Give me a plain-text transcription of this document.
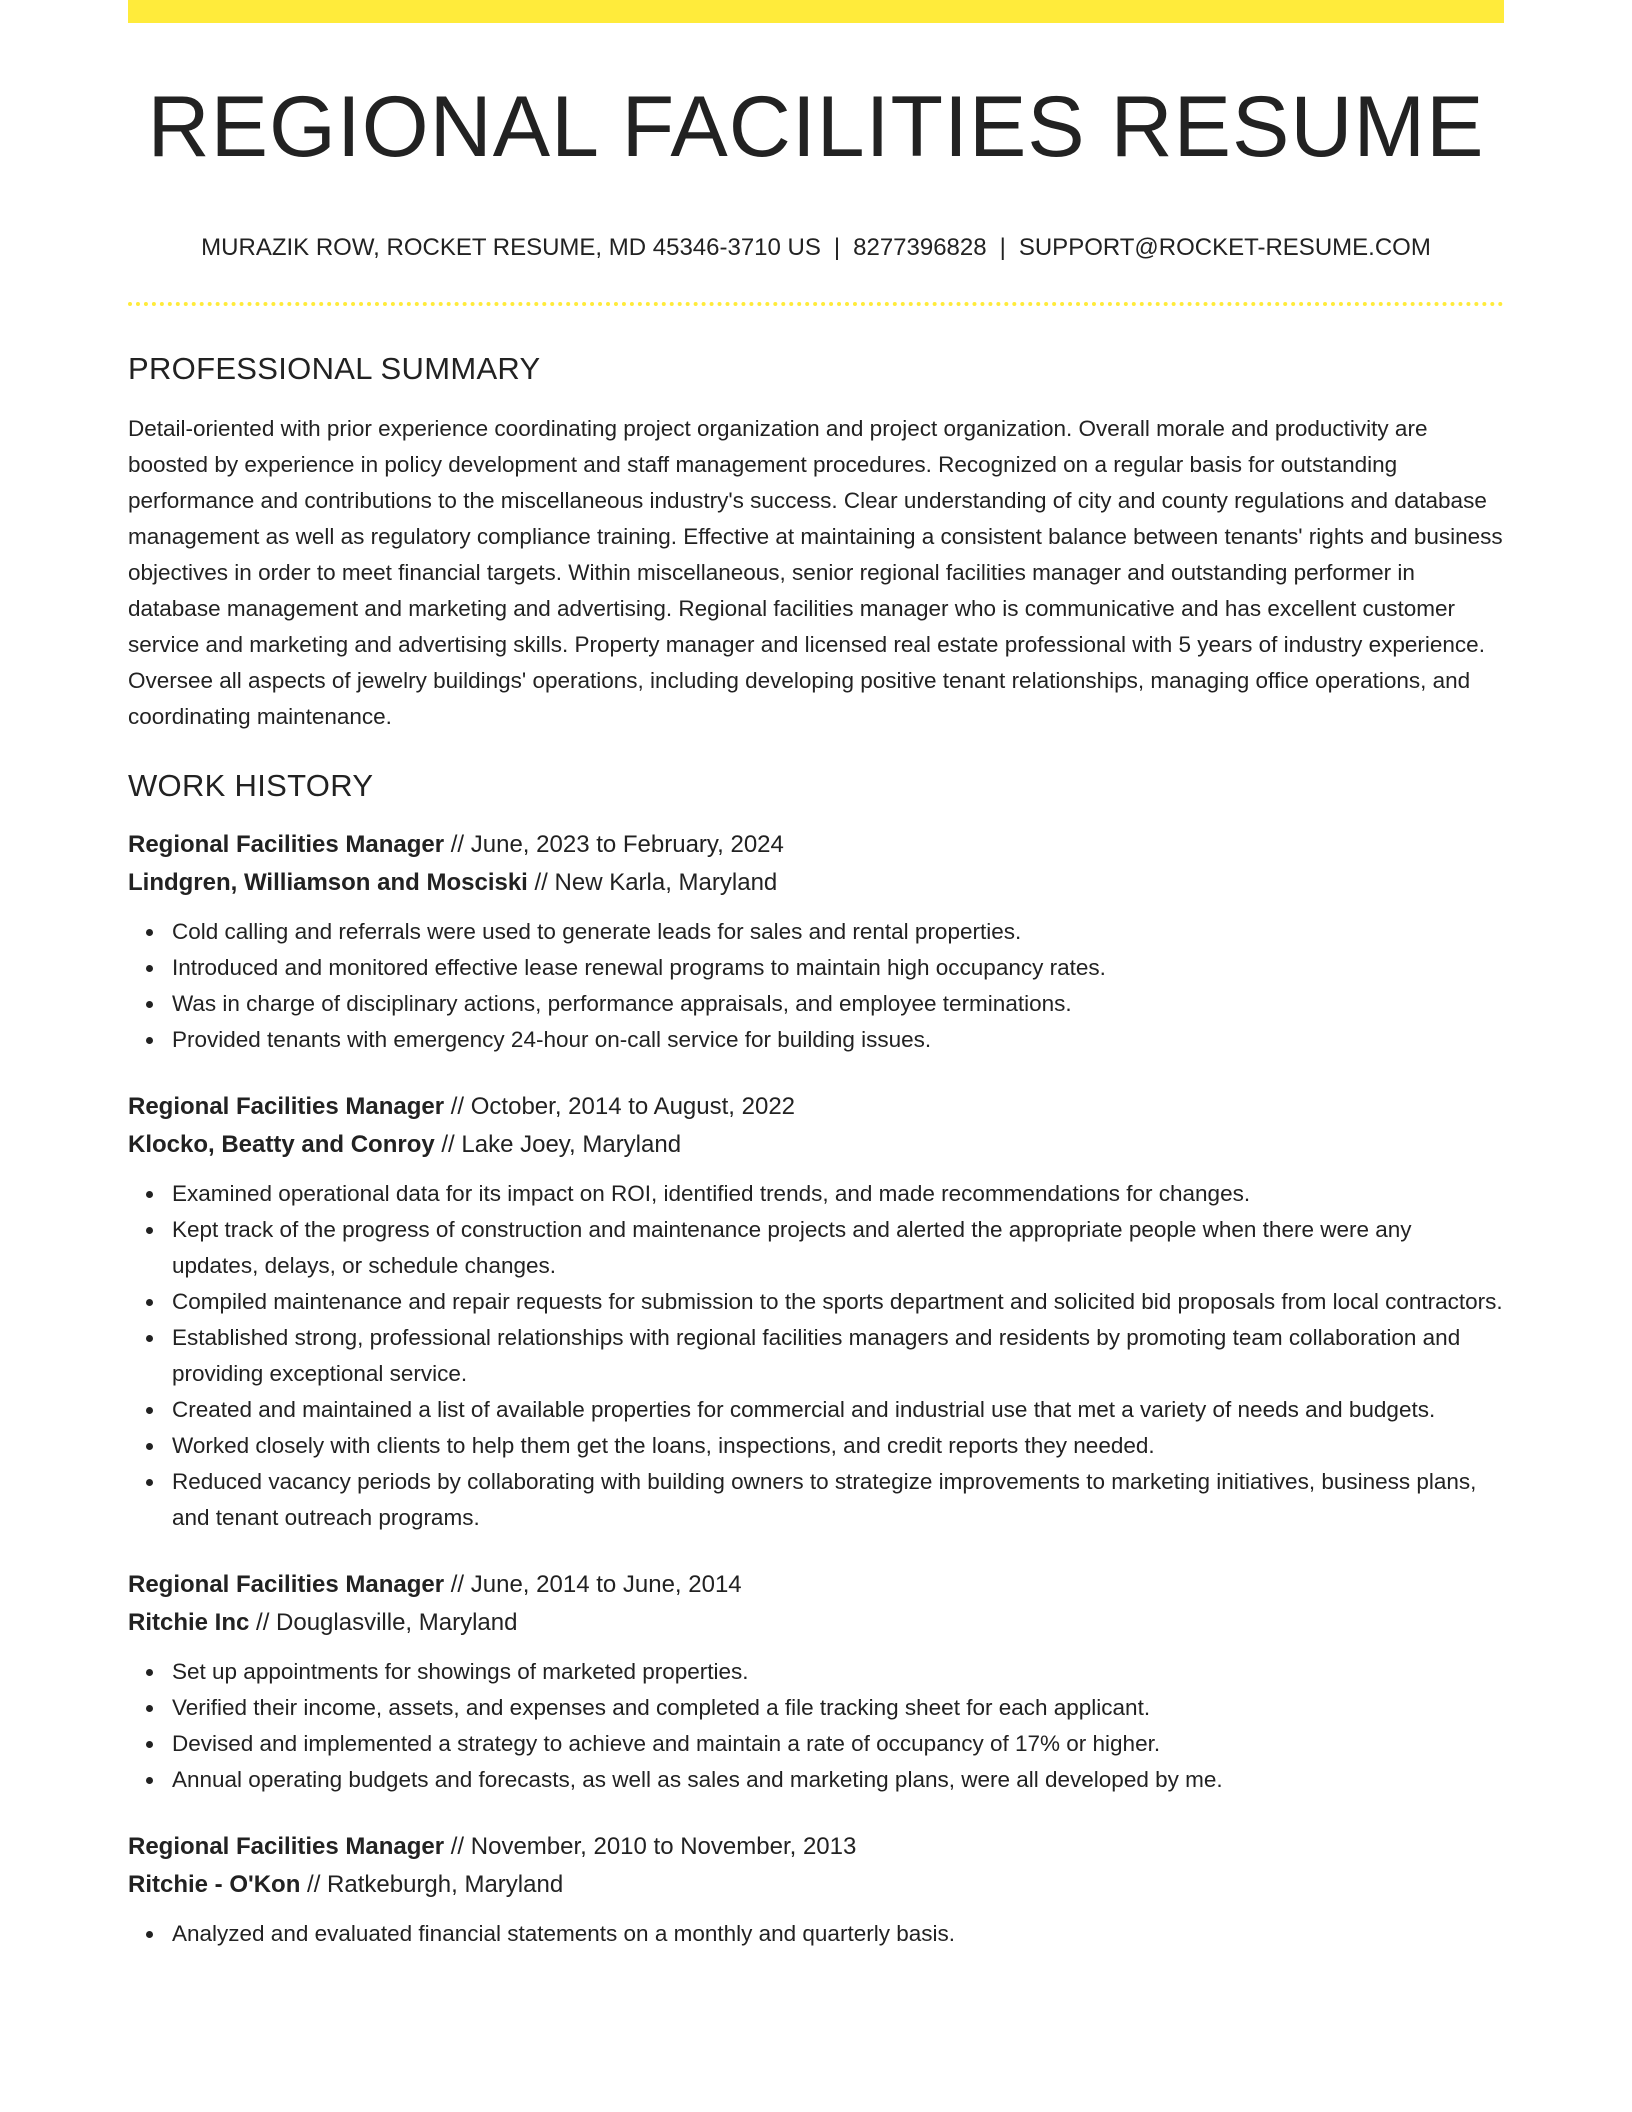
REGIONAL FACILITIES RESUME
MURAZIK ROW, ROCKET RESUME, MD 45346-3710 US | 8277396828 | SUPPORT@ROCKET-RESUME.COM
PROFESSIONAL SUMMARY

Detail-oriented with prior experience coordinating project organization and project organization. Overall morale and productivity are boosted by experience in policy development and staff management procedures. Recognized on a regular basis for outstanding performance and contributions to the miscellaneous industry's success. Clear understanding of city and county regulations and database management as well as regulatory compliance training. Effective at maintaining a consistent balance between tenants' rights and business objectives in order to meet financial targets. Within miscellaneous, senior regional facilities manager and outstanding performer in database management and marketing and advertising. Regional facilities manager who is communicative and has excellent customer service and marketing and advertising skills. Property manager and licensed real estate professional with 5 years of industry experience. Oversee all aspects of jewelry buildings' operations, including developing positive tenant relationships, managing office operations, and coordinating maintenance.

WORK HISTORY
Regional Facilities Manager // June, 2023 to February, 2024
Lindgren, Williamson and Mosciski // New Karla, Maryland
Cold calling and referrals were used to generate leads for sales and rental properties.
Introduced and monitored effective lease renewal programs to maintain high occupancy rates.
Was in charge of disciplinary actions, performance appraisals, and employee terminations.
Provided tenants with emergency 24-hour on-call service for building issues.
Regional Facilities Manager // October, 2014 to August, 2022
Klocko, Beatty and Conroy // Lake Joey, Maryland
Examined operational data for its impact on ROI, identified trends, and made recommendations for changes.
Kept track of the progress of construction and maintenance projects and alerted the appropriate people when there were any updates, delays, or schedule changes.
Compiled maintenance and repair requests for submission to the sports department and solicited bid proposals from local contractors.
Established strong, professional relationships with regional facilities managers and residents by promoting team collaboration and providing exceptional service.
Created and maintained a list of available properties for commercial and industrial use that met a variety of needs and budgets.
Worked closely with clients to help them get the loans, inspections, and credit reports they needed.
Reduced vacancy periods by collaborating with building owners to strategize improvements to marketing initiatives, business plans, and tenant outreach programs.
Regional Facilities Manager // June, 2014 to June, 2014
Ritchie Inc // Douglasville, Maryland
Set up appointments for showings of marketed properties.
Verified their income, assets, and expenses and completed a file tracking sheet for each applicant.
Devised and implemented a strategy to achieve and maintain a rate of occupancy of 17% or higher.
Annual operating budgets and forecasts, as well as sales and marketing plans, were all developed by me.
Regional Facilities Manager // November, 2010 to November, 2013
Ritchie - O'Kon // Ratkeburgh, Maryland
Analyzed and evaluated financial statements on a monthly and quarterly basis.
